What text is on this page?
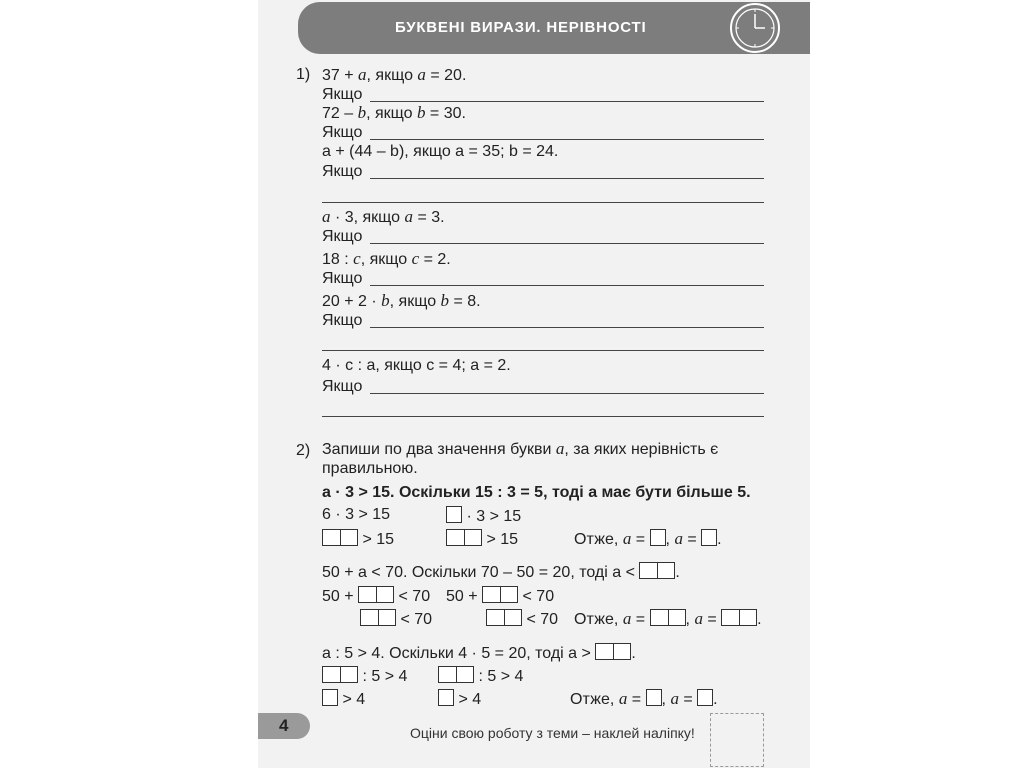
БУКВЕНІ ВИРАЗИ. НЕРІВНОСТІ
1) 37 + a, якщо a = 20.
Якщо
72 – b, якщо b = 30.
Якщо
a + (44 – b), якщо a = 35; b = 24.
Якщо
a · 3, якщо a = 3.
Якщо
18 : c, якщо c = 2.
Якщо
20 + 2 · b, якщо b = 8.
Якщо
4 · c : a, якщо c = 4; a = 2.
Якщо
2) Запиши по два значення букви a, за яких нерівність є
правильною.
a · 3 > 15. Оскільки 15 : 3 = 5, тоді a має бути більше 5.
6 · 3 > 15	· 3 > 15
> 15	> 15	Отже, a = , a = .
50 + a < 70. Оскільки 70 – 50 = 20, тоді a <	.
50 +	< 70 50 +	< 70
< 70	< 70 Отже, a = , a = .
a : 5 > 4. Оскільки 4 · 5 = 20, тоді a >	.
: 5 > 4	: 5 > 4
> 4	> 4	Отже, a = , a = .
4	Оціни свою роботу з теми – наклей наліпку!
